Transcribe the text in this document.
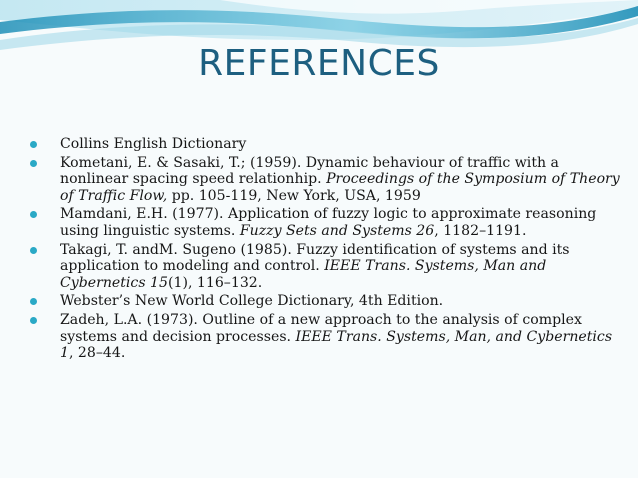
REFERENCES
Collins English Dictionary
Kometani, E. & Sasaki, T.; (1959). Dynamic behaviour of traffic with a nonlinear spacing speed relationhip. Proceedings of the Symposium of Theory of Traffic Flow, pp. 105-119, New York, USA, 1959
Mamdani, E.H. (1977). Application of fuzzy logic to approximate reasoning using linguistic systems. Fuzzy Sets and Systems 26, 1182–1191.
Takagi, T. andM. Sugeno (1985). Fuzzy identification of systems and its application to modeling and control. IEEE Trans. Systems, Man and Cybernetics 15(1), 116–132.
Webster’s New World College Dictionary, 4th Edition.
Zadeh, L.A. (1973). Outline of a new approach to the analysis of complex systems and decision processes. IEEE Trans. Systems, Man, and Cybernetics 1, 28–44.
